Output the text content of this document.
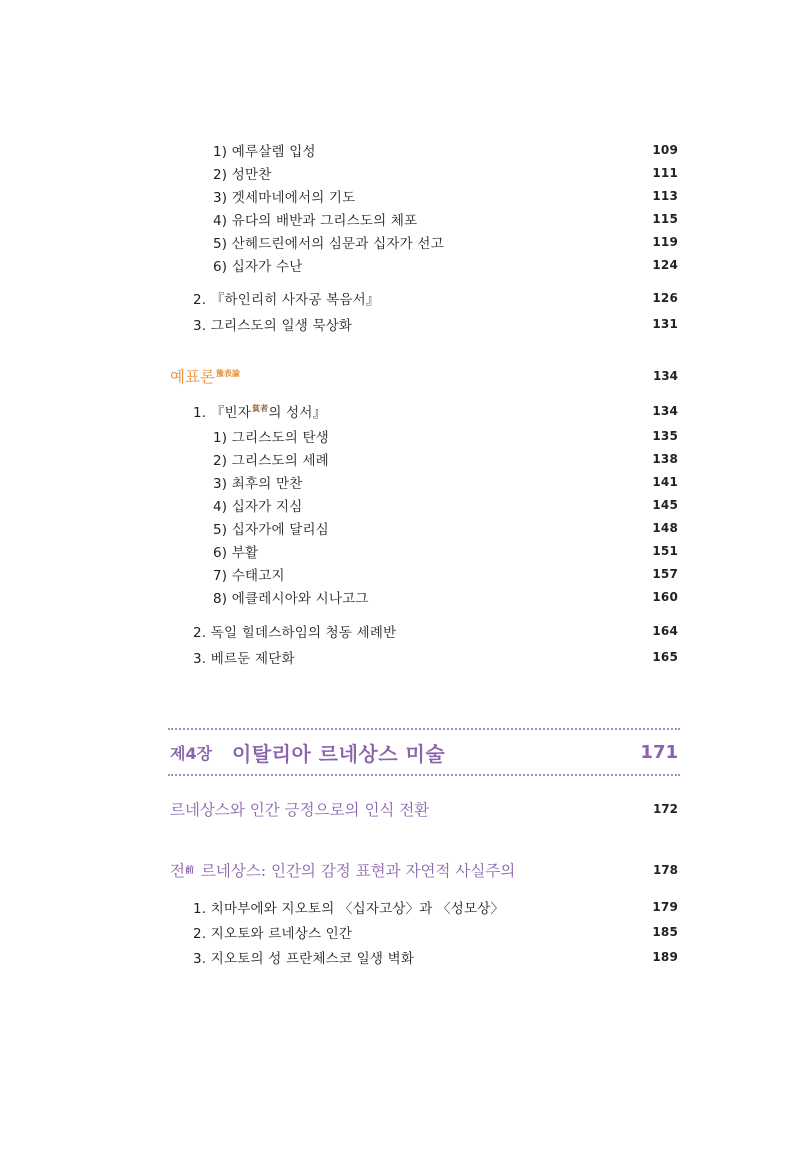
1) 예루살렘 입성	109
2) 성만찬	111
3) 겟세마네에서의 기도	113
4) 유다의 배반과 그리스도의 체포	115
5) 산헤드린에서의 심문과 십자가 선고	119
6) 십자가 수난	124
2. 『하인리히 사자공 복음서』	126
3. 그리스도의 일생 묵상화	131
예표론$^{豫表論}$	134
1. 『빈자$^{貧者}$의 성서』	134
1) 그리스도의 탄생	135
2) 그리스도의 세례	138
3) 최후의 만찬	141
4) 십자가 지심	145
5) 십자가에 달리심	148
6) 부활	151
7) 수태고지	157
8) 에클레시아와 시나고그	160
2. 독일 힐데스하임의 청동 세례반	164
3. 베르둔 제단화	165
제4장 이탈리아 르네상스 미술	171
르네상스와 인간 긍정으로의 인식 전환	172
전$^前$ 르네상스: 인간의 감정 표현과 자연적 사실주의	178
1. 치마부에와 지오토의 〈십자고상〉과 〈성모상〉	179
2. 지오토와 르네상스 인간	185
3. 지오토의 성 프란체스코 일생 벽화	189
